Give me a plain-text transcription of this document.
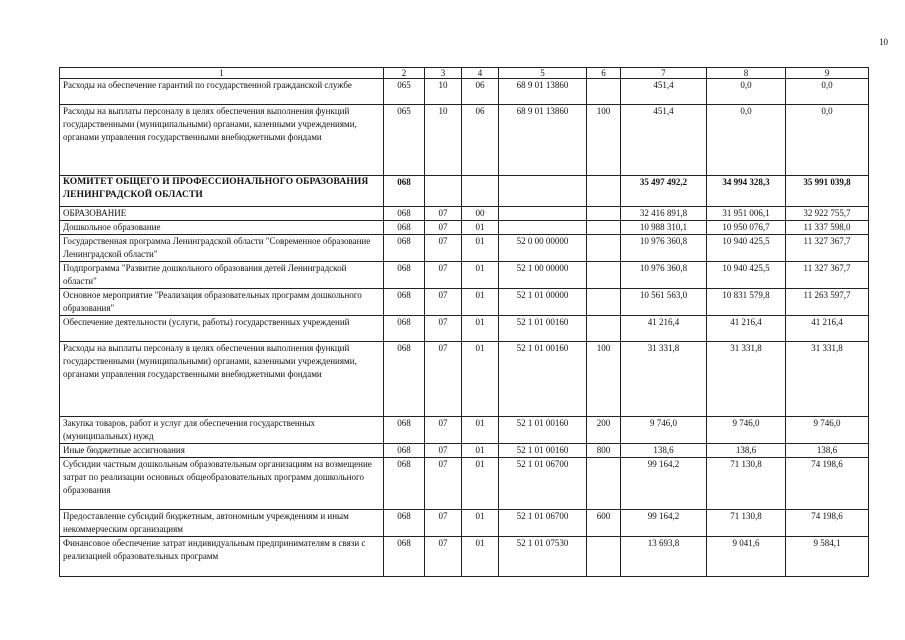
10
1	2	3	4	5	6	7	8	9
Расходы на обеспечение гарантий по государственной гражданской службе	065	10	06	68 9 01 13860		451,4	0,0	0,0
Расходы на выплаты персоналу в целях обеспечения выполнения функций государственными (муниципальными) органами, казенными учреждениями, органами управления государственными внебюджетными фондами	065	10	06	68 9 01 13860	100	451,4	0,0	0,0
КОМИТЕТ ОБЩЕГО И ПРОФЕССИОНАЛЬНОГО ОБРАЗОВАНИЯ ЛЕНИНГРАДСКОЙ ОБЛАСТИ	068					35 497 492,2	34 994 328,3	35 991 039,8
ОБРАЗОВАНИЕ	068	07	00			32 416 891,8	31 951 006,1	32 922 755,7
Дошкольное образование	068	07	01			10 988 310,1	10 950 076,7	11 337 598,0
Государственная программа Ленинградской области "Современное образование Ленинградской области"	068	07	01	52 0 00 00000		10 976 360,8	10 940 425,5	11 327 367,7
Подпрограмма "Развитие дошкольного образования детей Ленинградской области"	068	07	01	52 1 00 00000		10 976 360,8	10 940 425,5	11 327 367,7
Основное мероприятие "Реализация образовательных программ дошкольного образования"	068	07	01	52 1 01 00000		10 561 563,0	10 831 579,8	11 263 597,7
Обеспечение деятельности (услуги, работы) государственных учреждений	068	07	01	52 1 01 00160		41 216,4	41 216,4	41 216,4
Расходы на выплаты персоналу в целях обеспечения выполнения функций государственными (муниципальными) органами, казенными учреждениями, органами управления государственными внебюджетными фондами	068	07	01	52 1 01 00160	100	31 331,8	31 331,8	31 331,8
Закупка товаров, работ и услуг для обеспечения государственных (муниципальных) нужд	068	07	01	52 1 01 00160	200	9 746,0	9 746,0	9 746,0
Иные бюджетные ассигнования	068	07	01	52 1 01 00160	800	138,6	138,6	138,6
Субсидии частным дошкольным образовательным организациям на возмещение затрат по реализации основных общеобразовательных программ дошкольного образования	068	07	01	52 1 01 06700		99 164,2	71 130,8	74 198,6
Предоставление субсидий бюджетным, автономным учреждениям и иным некоммерческим организациям	068	07	01	52 1 01 06700	600	99 164,2	71 130,8	74 198,6
Финансовое обеспечение затрат индивидуальным предпринимателям в связи с реализацией образовательных программ	068	07	01	52 1 01 07530		13 693,8	9 041,6	9 584,1
